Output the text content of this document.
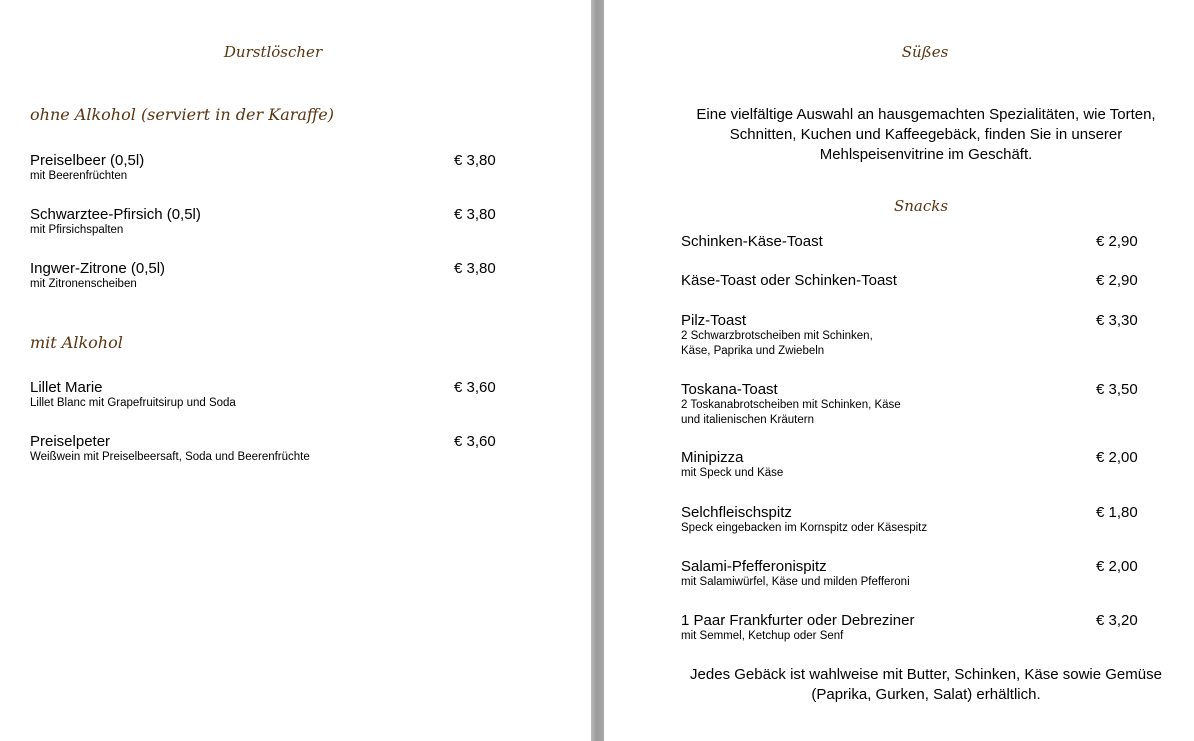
Durstlöscher
ohne Alkohol (serviert in der Karaffe)
Preiselbeer (0,5l)
mit Beerenfrüchten
€ 3,80
Schwarztee-Pfirsich (0,5l)
mit Pfirsichspalten
€ 3,80
Ingwer-Zitrone (0,5l)
mit Zitronenscheiben
€ 3,80
mit Alkohol
Lillet Marie
Lillet Blanc mit Grapefruitsirup und Soda
€ 3,60
Preiselpeter
Weißwein mit Preiselbeersaft, Soda und Beerenfrüchte
€ 3,60
Süßes
Eine vielfältige Auswahl an hausgemachten Spezialitäten, wie Torten, Schnitten, Kuchen und Kaffeegebäck, finden Sie in unserer Mehlspeisenvitrine im Geschäft.
Snacks
Schinken-Käse-Toast	€ 2,90
Käse-Toast oder Schinken-Toast	€ 2,90
Pilz-Toast
2 Schwarzbrotscheiben mit Schinken,
Käse, Paprika und Zwiebeln
€ 3,30
Toskana-Toast
2 Toskanabrotscheiben mit Schinken, Käse
und italienischen Kräutern
€ 3,50
Minipizza
mit Speck und Käse
€ 2,00
Selchfleischspitz
Speck eingebacken im Kornspitz oder Käsespitz
€ 1,80
Salami-Pfefferonispitz
mit Salamiwürfel, Käse und milden Pfefferoni
€ 2,00
1 Paar Frankfurter oder Debreziner
mit Semmel, Ketchup oder Senf
€ 3,20
Jedes Gebäck ist wahlweise mit Butter, Schinken, Käse sowie Gemüse (Paprika, Gurken, Salat) erhältlich.
